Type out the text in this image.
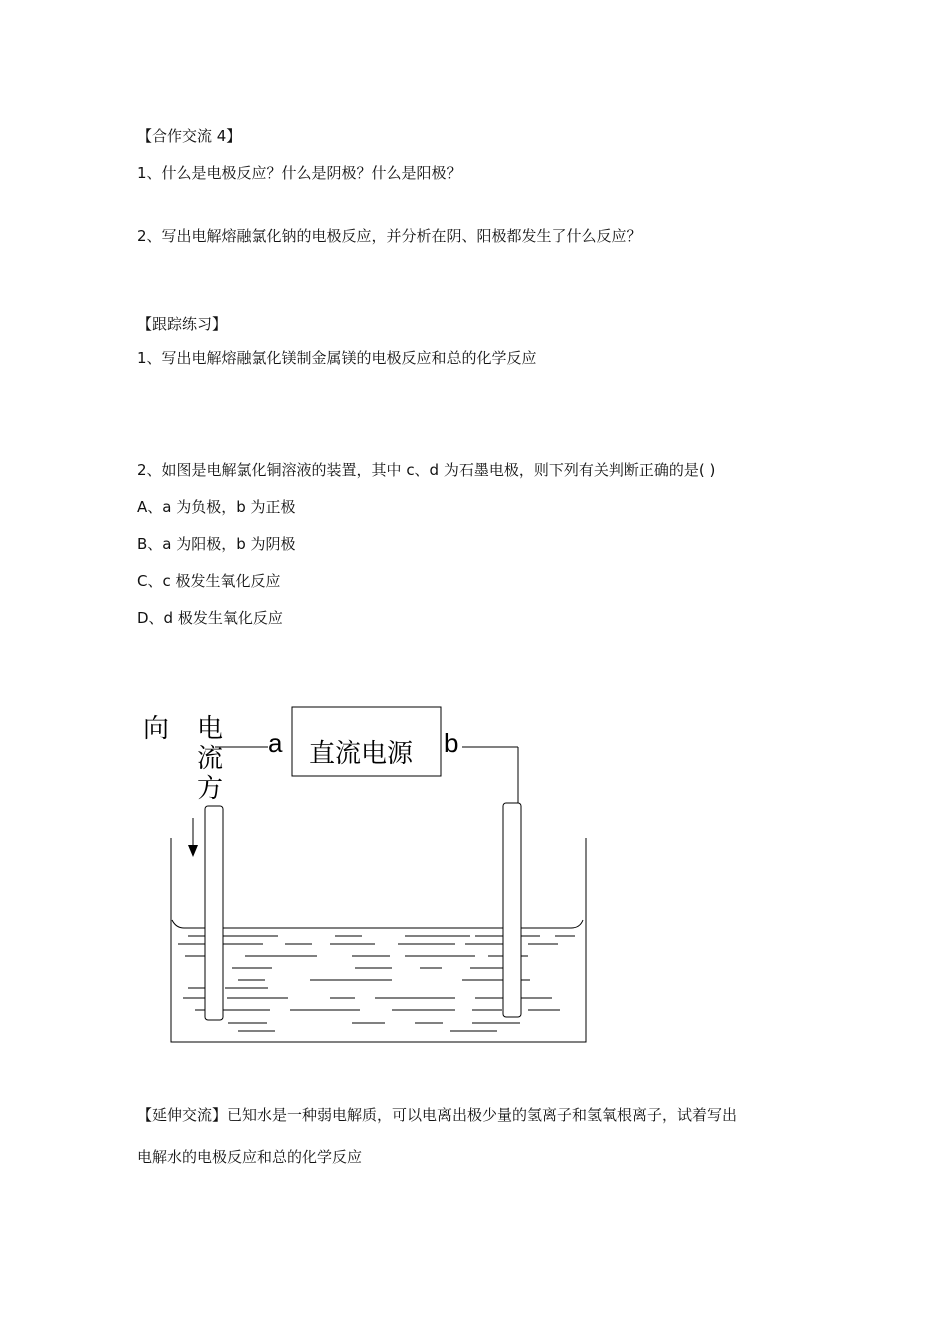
【合作交流 4】
1、什么是电极反应？什么是阴极？什么是阳极？
2、写出电解熔融氯化钠的电极反应，并分析在阴、阳极都发生了什么反应？
【跟踪练习】
1、写出电解熔融氯化镁制金属镁的电极反应和总的化学反应
2、如图是电解氯化铜溶液的装置，其中 c、d 为石墨电极，则下列有关判断正确的是( )
A、a 为负极，b 为正极
B、a 为阳极，b 为阴极
C、c 极发生氧化反应
D、d 极发生氧化反应
直流电源
a	b
向 电
流
方
【延伸交流】已知水是一种弱电解质，可以电离出极少量的氢离子和氢氧根离子，试着写出
电解水的电极反应和总的化学反应
